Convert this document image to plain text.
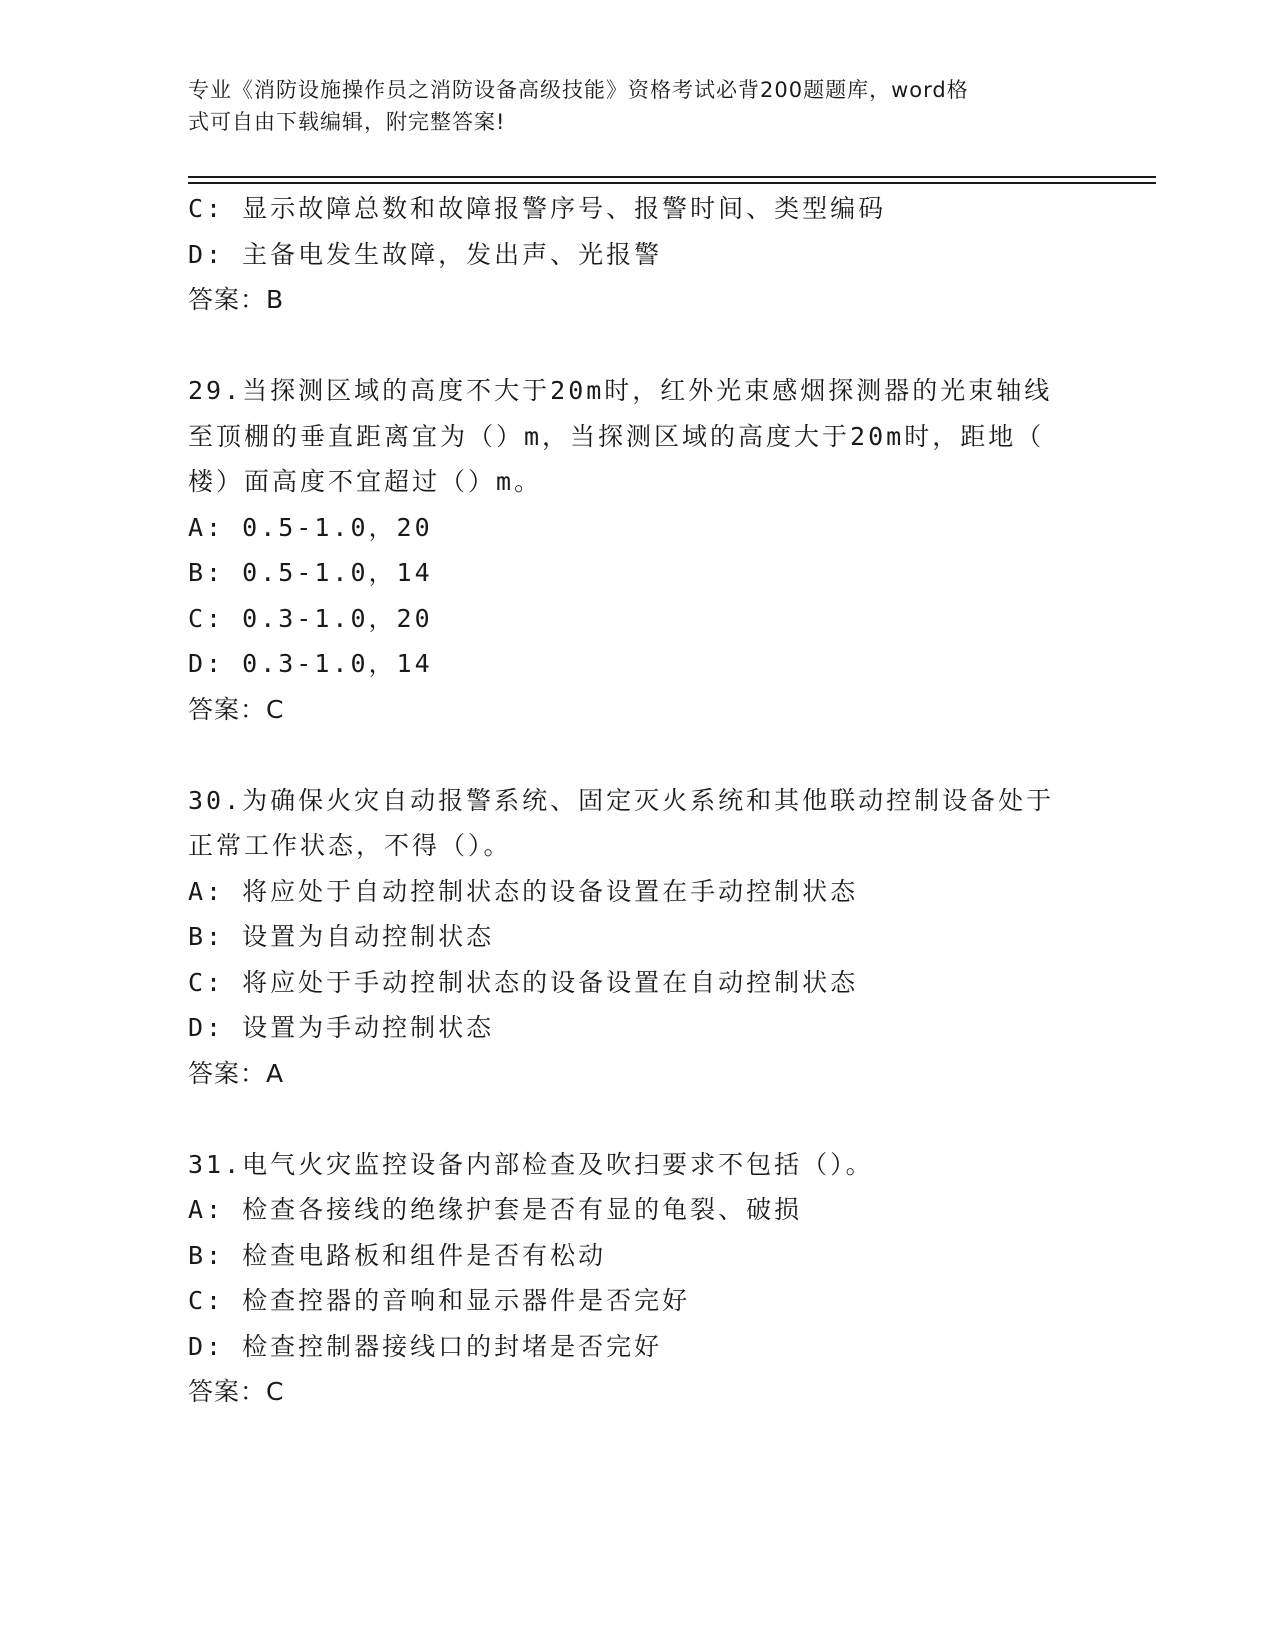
专业《消防设施操作员之消防设备高级技能》资格考试必背200题题库，word格
式可自由下载编辑，附完整答案!
C: 显示故障总数和故障报警序号、报警时间、类型编码
D: 主备电发生故障，发出声、光报警
答案：B
29.当探测区域的高度不大于20m时，红外光束感烟探测器的光束轴线
至顶棚的垂直距离宜为（）m，当探测区域的高度大于20m时，距地（
楼）面高度不宜超过（）m。
A: 0.5-1.0，20
B: 0.5-1.0，14
C: 0.3-1.0，20
D: 0.3-1.0，14
答案：C
30.为确保火灾自动报警系统、固定灭火系统和其他联动控制设备处于
正常工作状态，不得（）。
A: 将应处于自动控制状态的设备设置在手动控制状态
B: 设置为自动控制状态
C: 将应处于手动控制状态的设备设置在自动控制状态
D: 设置为手动控制状态
答案：A
31.电气火灾监控设备内部检查及吹扫要求不包括（）。
A: 检查各接线的绝缘护套是否有显的龟裂、破损
B: 检查电路板和组件是否有松动
C: 检查控器的音响和显示器件是否完好
D: 检查控制器接线口的封堵是否完好
答案：C
